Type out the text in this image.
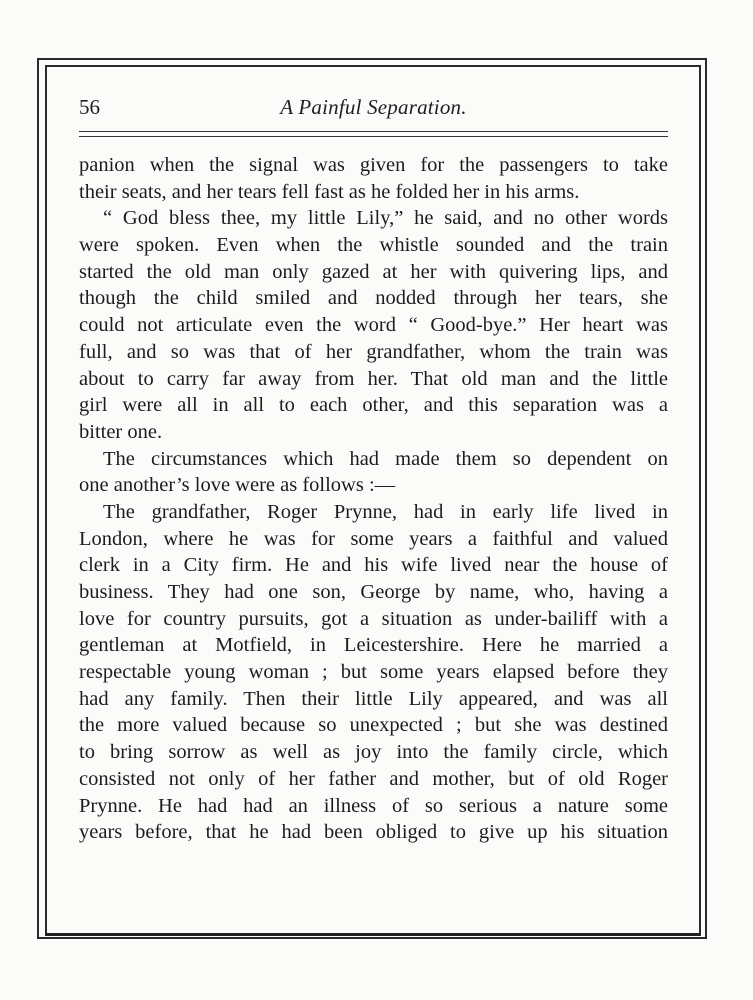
56	A Painful Separation.
panion when the signal was given for the passengers to take
their seats, and her tears fell fast as he folded her in his arms.
“ God bless thee, my little Lily,” he said, and no other words
were spoken. Even when the whistle sounded and the train
started the old man only gazed at her with quivering lips, and
though the child smiled and nodded through her tears, she
could not articulate even the word “ Good-bye.” Her heart was
full, and so was that of her grandfather, whom the train was
about to carry far away from her. That old man and the little
girl were all in all to each other, and this separation was a
bitter one.
The circumstances which had made them so dependent on
one another’s love were as follows :—
The grandfather, Roger Prynne, had in early life lived in
London, where he was for some years a faithful and valued
clerk in a City firm. He and his wife lived near the house of
business. They had one son, George by name, who, having a
love for country pursuits, got a situation as under-bailiff with a
gentleman at Motfield, in Leicestershire. Here he married a
respectable young woman ; but some years elapsed before they
had any family. Then their little Lily appeared, and was all
the more valued because so unexpected ; but she was destined
to bring sorrow as well as joy into the family circle, which
consisted not only of her father and mother, but of old Roger
Prynne. He had had an illness of so serious a nature some
years before, that he had been obliged to give up his situation
